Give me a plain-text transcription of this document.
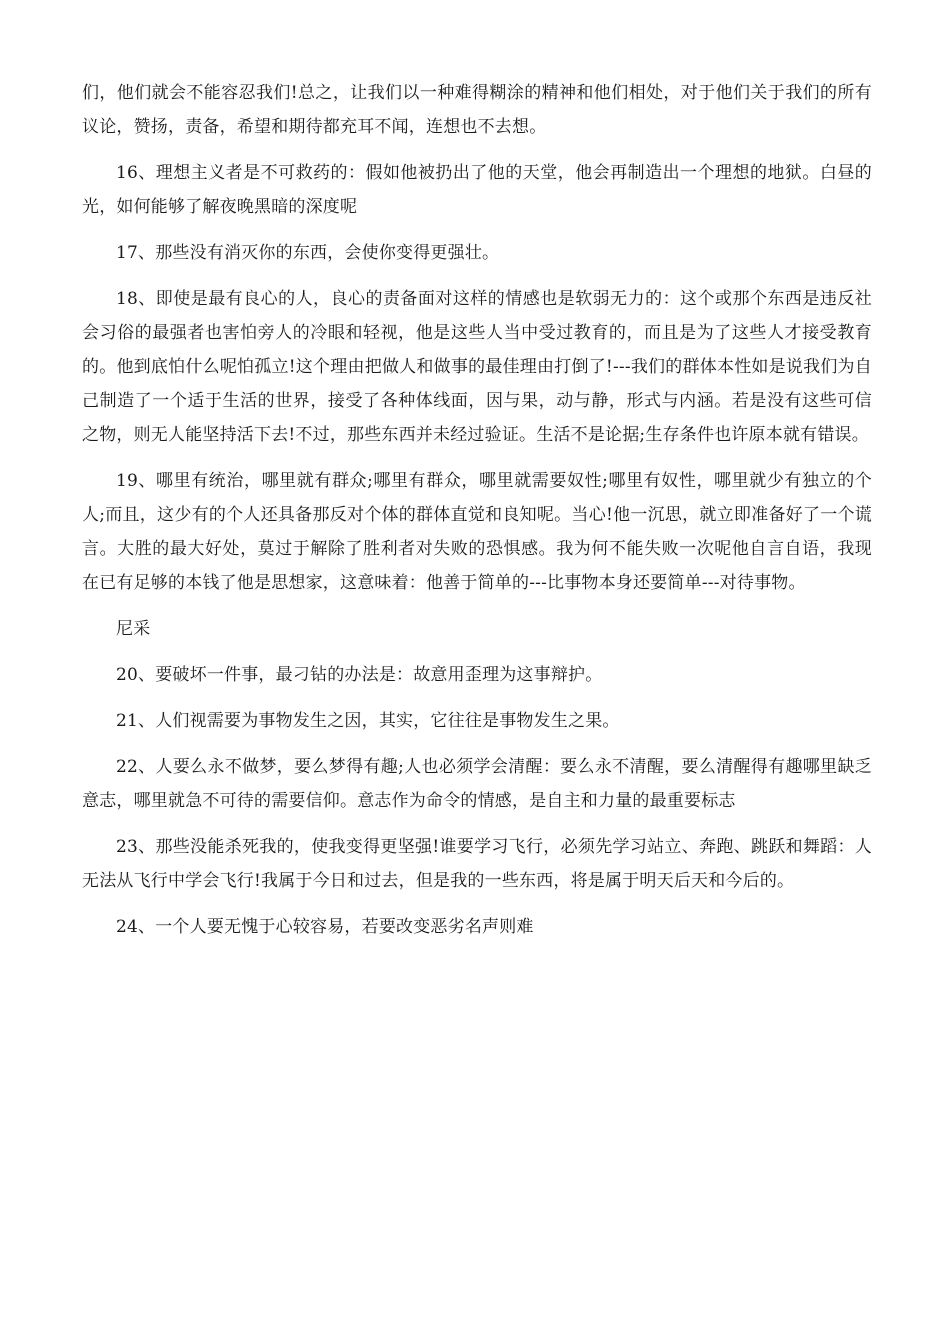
们，他们就会不能容忍我们!总之，让我们以一种难得糊涂的精神和他们相处，对于他们关于我们的所有议论，赞扬，责备，希望和期待都充耳不闻，连想也不去想。

16、理想主义者是不可救药的：假如他被扔出了他的天堂，他会再制造出一个理想的地狱。白昼的光，如何能够了解夜晚黑暗的深度呢

17、那些没有消灭你的东西，会使你变得更强壮。

18、即使是最有良心的人，良心的责备面对这样的情感也是软弱无力的：这个或那个东西是违反社会习俗的最强者也害怕旁人的冷眼和轻视，他是这些人当中受过教育的，而且是为了这些人才接受教育的。他到底怕什么呢怕孤立!这个理由把做人和做事的最佳理由打倒了!---我们的群体本性如是说我们为自己制造了一个适于生活的世界，接受了各种体线面，因与果，动与静，形式与内涵。若是没有这些可信之物，则无人能坚持活下去!不过，那些东西并未经过验证。生活不是论据;生存条件也许原本就有错误。

19、哪里有统治，哪里就有群众;哪里有群众，哪里就需要奴性;哪里有奴性，哪里就少有独立的个人;而且，这少有的个人还具备那反对个体的群体直觉和良知呢。当心!他一沉思，就立即准备好了一个谎言。大胜的最大好处，莫过于解除了胜利者对失败的恐惧感。我为何不能失败一次呢他自言自语，我现在已有足够的本钱了他是思想家，这意味着：他善于简单的---比事物本身还要简单---对待事物。

尼采

20、要破坏一件事，最刁钻的办法是：故意用歪理为这事辩护。

21、人们视需要为事物发生之因，其实，它往往是事物发生之果。

22、人要么永不做梦，要么梦得有趣;人也必须学会清醒：要么永不清醒，要么清醒得有趣哪里缺乏意志，哪里就急不可待的需要信仰。意志作为命令的情感，是自主和力量的最重要标志

23、那些没能杀死我的，使我变得更坚强!谁要学习飞行，必须先学习站立、奔跑、跳跃和舞蹈：人无法从飞行中学会飞行!我属于今日和过去，但是我的一些东西，将是属于明天后天和今后的。

24、一个人要无愧于心较容易，若要改变恶劣名声则难
